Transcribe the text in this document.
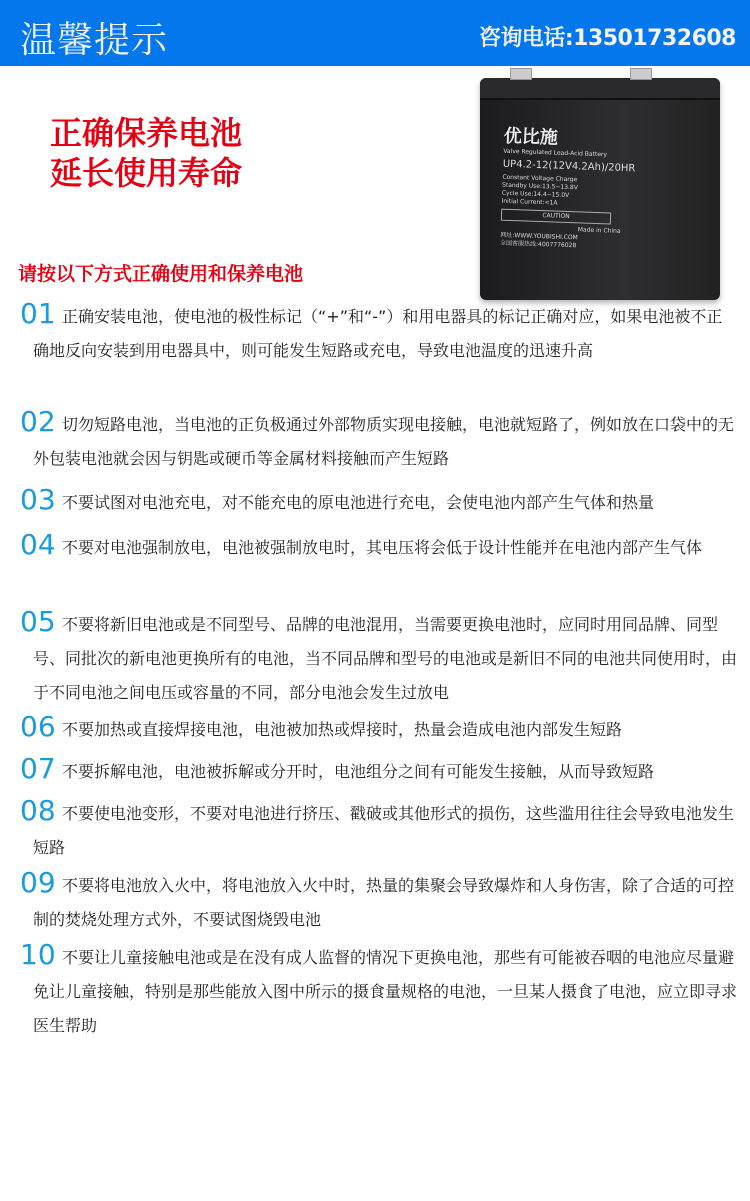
温馨提示	咨询电话:13501732608
正确保养电池
延长使用寿命
优比施
Valve Regulated Lead-Acid Battery
UP4.2-12(12V4.2Ah)/20HR
Constant Voltage Charge
Standby Use:13.5~13.8V
Cycle Use:14.4~15.0V
Initial Current:<1A
CAUTION
Made in China
网址:WWW.YOUBISHI.COM
全国客服热线:4007776028
请按以下方式正确使用和保养电池
01 正确安装电池，使电池的极性标记（“+”和“-”）和用电器具的标记正确对应，如果电池被不正确地反向安装到用电器具中，则可能发生短路或充电，导致电池温度的迅速升高
02 切勿短路电池，当电池的正负极通过外部物质实现电接触，电池就短路了，例如放在口袋中的无外包装电池就会因与钥匙或硬币等金属材料接触而产生短路
03 不要试图对电池充电，对不能充电的原电池进行充电，会使电池内部产生气体和热量
04 不要对电池强制放电，电池被强制放电时，其电压将会低于设计性能并在电池内部产生气体
05 不要将新旧电池或是不同型号、品牌的电池混用，当需要更换电池时，应同时用同品牌、同型号、同批次的新电池更换所有的电池，当不同品牌和型号的电池或是新旧不同的电池共同使用时，由于不同电池之间电压或容量的不同，部分电池会发生过放电
06 不要加热或直接焊接电池，电池被加热或焊接时，热量会造成电池内部发生短路
07 不要拆解电池，电池被拆解或分开时，电池组分之间有可能发生接触，从而导致短路
08 不要使电池变形，不要对电池进行挤压、戳破或其他形式的损伤，这些滥用往往会导致电池发生短路
09 不要将电池放入火中，将电池放入火中时，热量的集聚会导致爆炸和人身伤害，除了合适的可控制的焚烧处理方式外，不要试图烧毁电池
10 不要让儿童接触电池或是在没有成人监督的情况下更换电池，那些有可能被吞咽的电池应尽量避免让儿童接触，特别是那些能放入图中所示的摄食量规格的电池，一旦某人摄食了电池，应立即寻求医生帮助
